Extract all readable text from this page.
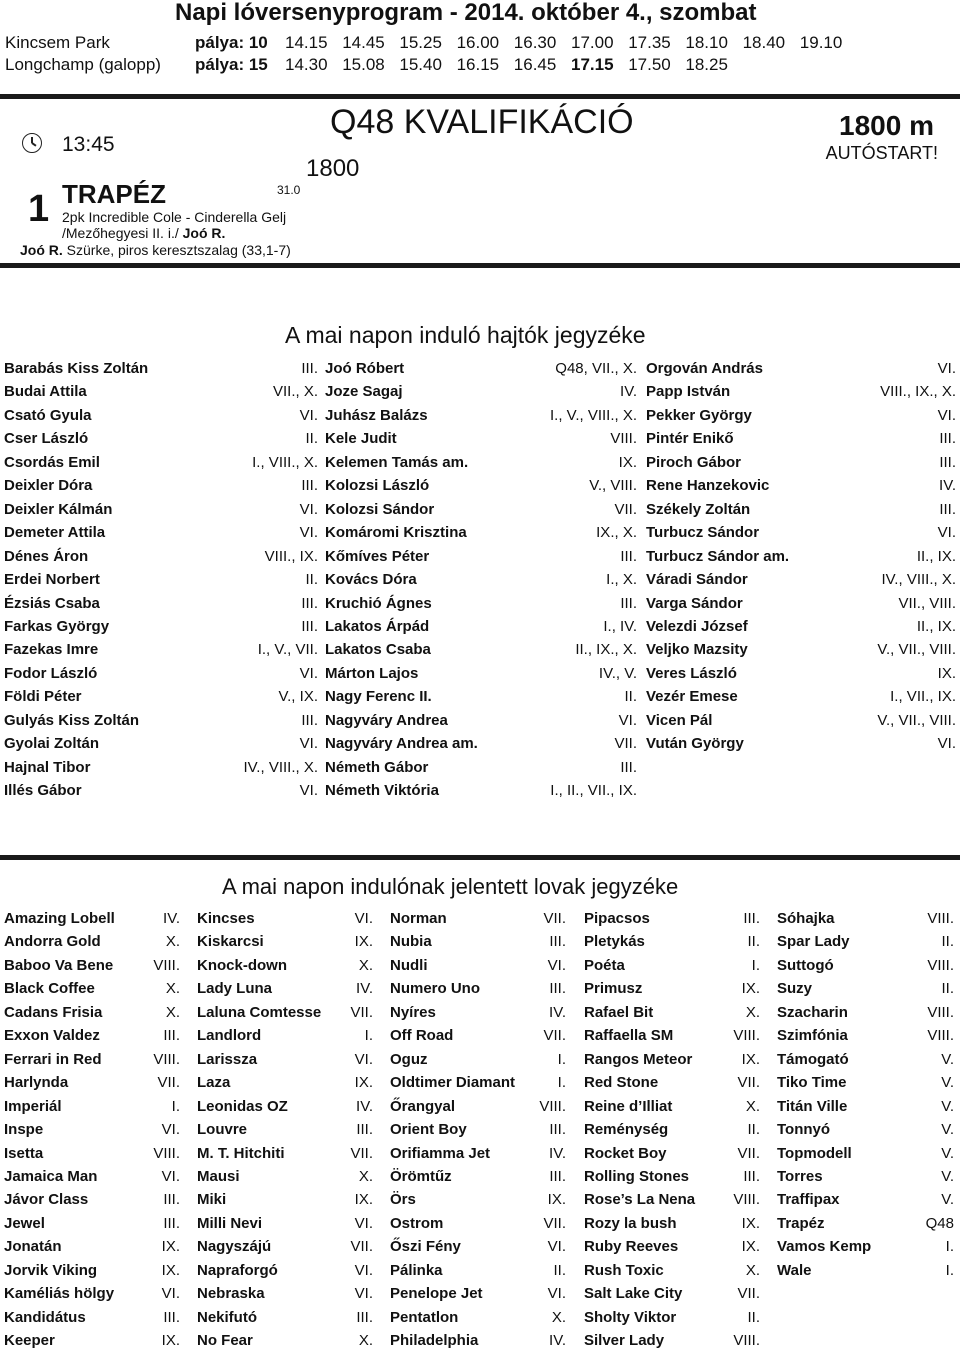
Napi lóversenyprogram - 2014. október 4., szombat
Kincsem Park	pálya: 10 14.15 14.45 15.25 16.00 16.30 17.00 17.35 18.10 18.40 19.10
Longchamp (galopp) pálya: 15 14.30 15.08 15.40 16.15 16.45 17.15 17.50 18.25
13:45
Q48 KVALIFIKÁCIÓ	1800 m
AUTÓSTART!
1800
1 TRAPÉZ	31.0
2pk Incredible Cole - Cinderella Gelj
/Mezőhegyesi II. i./ Joó R.
Joó R. Szürke, piros keresztszalag (33,1-7)
A mai napon induló hajtók jegyzéke
Barabás Kiss Zoltán	III.
Budai Attila	VII., X.
Csató Gyula	VI.
Cser László	II.
Csordás Emil	I., VIII., X.
Deixler Dóra	III.
Deixler Kálmán	VI.
Demeter Attila	VI.
Dénes Áron	VIII., IX.
Erdei Norbert	II.
Ézsiás Csaba	III.
Farkas György	III.
Fazekas Imre	I., V., VII.
Fodor László	VI.
Földi Péter	V., IX.
Gulyás Kiss Zoltán	III.
Gyolai Zoltán	VI.
Hajnal Tibor	IV., VIII., X.
Illés Gábor	VI.
Joó Róbert	Q48, VII., X.
Joze Sagaj	IV.
Juhász Balázs	I., V., VIII., X.
Kele Judit	VIII.
Kelemen Tamás am.	IX.
Kolozsi László	V., VIII.
Kolozsi Sándor	VII.
Komáromi Krisztina	IX., X.
Kőmíves Péter	III.
Kovács Dóra	I., X.
Kruchió Ágnes	III.
Lakatos Árpád	I., IV.
Lakatos Csaba	II., IX., X.
Márton Lajos	IV., V.
Nagy Ferenc II.	II.
Nagyváry Andrea	VI.
Nagyváry Andrea am.	VII.
Németh Gábor	III.
Németh Viktória	I., II., VII., IX.
Orgován András	VI.
Papp István	VIII., IX., X.
Pekker György	VI.
Pintér Enikő	III.
Piroch Gábor	III.
Rene Hanzekovic	IV.
Székely Zoltán	III.
Turbucz Sándor	VI.
Turbucz Sándor am.	II., IX.
Váradi Sándor	IV., VIII., X.
Varga Sándor	VII., VIII.
Velezdi József	II., IX.
Veljko Mazsity	V., VII., VIII.
Veres László	IX.
Vezér Emese	I., VII., IX.
Vicen Pál	V., VII., VIII.
Vután György	VI.
A mai napon indulónak jelentett lovak jegyzéke
Amazing Lobell	IV.
Andorra Gold	X.
Baboo Va Bene	VIII.
Black Coffee	X.
Cadans Frisia	X.
Exxon Valdez	III.
Ferrari in Red	VIII.
Harlynda	VII.
Imperiál	I.
Inspe	VI.
Isetta	VIII.
Jamaica Man	VI.
Jávor Class	III.
Jewel	III.
Jonatán	IX.
Jorvik Viking	IX.
Kaméliás hölgy	VI.
Kandidátus	III.
Keeper	IX.
Kincses	VI.
Kiskarcsi	IX.
Knock-down	X.
Lady Luna	IV.
Laluna Comtesse VII.
Landlord	I.
Larissza	VI.
Laza	IX.
Leonidas OZ	IV.
Louvre	III.
M. T. Hitchiti	VII.
Mausi	X.
Miki	IX.
Milli Nevi	VI.
Nagyszájú	VII.
Napraforgó	VI.
Nebraska	VI.
Nekifutó	III.
No Fear	X.
Norman	VII.
Nubia	III.
Nudli	VI.
Numero Uno	III.
Nyíres	IV.
Off Road	VII.
Oguz	I.
Oldtimer Diamant	I.
Őrangyal	VIII.
Orient Boy	III.
Orifiamma Jet	IV.
Örömtűz	III.
Örs	IX.
Ostrom	VII.
Őszi Fény	VI.
Pálinka	II.
Penelope Jet	VI.
Pentatlon	X.
Philadelphia	IV.
Pipacsos	III.
Pletykás	II.
Poéta	I.
Primusz	IX.
Rafael Bit	X.
Raffaella SM	VIII.
Rangos Meteor	IX.
Red Stone	VII.
Reine d’Illiat	X.
Reménység	II.
Rocket Boy	VII.
Rolling Stones	III.
Rose’s La Nena	VIII.
Rozy la bush	IX.
Ruby Reeves	IX.
Rush Toxic	X.
Salt Lake City	VII.
Sholty Viktor	II.
Silver Lady	VIII.
Sóhajka	VIII.
Spar Lady	II.
Suttogó	VIII.
Suzy	II.
Szacharin	VIII.
Szimfónia	VIII.
Támogató	V.
Tiko Time	V.
Titán Ville	V.
Tonnyó	V.
Topmodell	V.
Torres	V.
Traffipax	V.
Trapéz	Q48
Vamos Kemp	I.
Wale	I.
